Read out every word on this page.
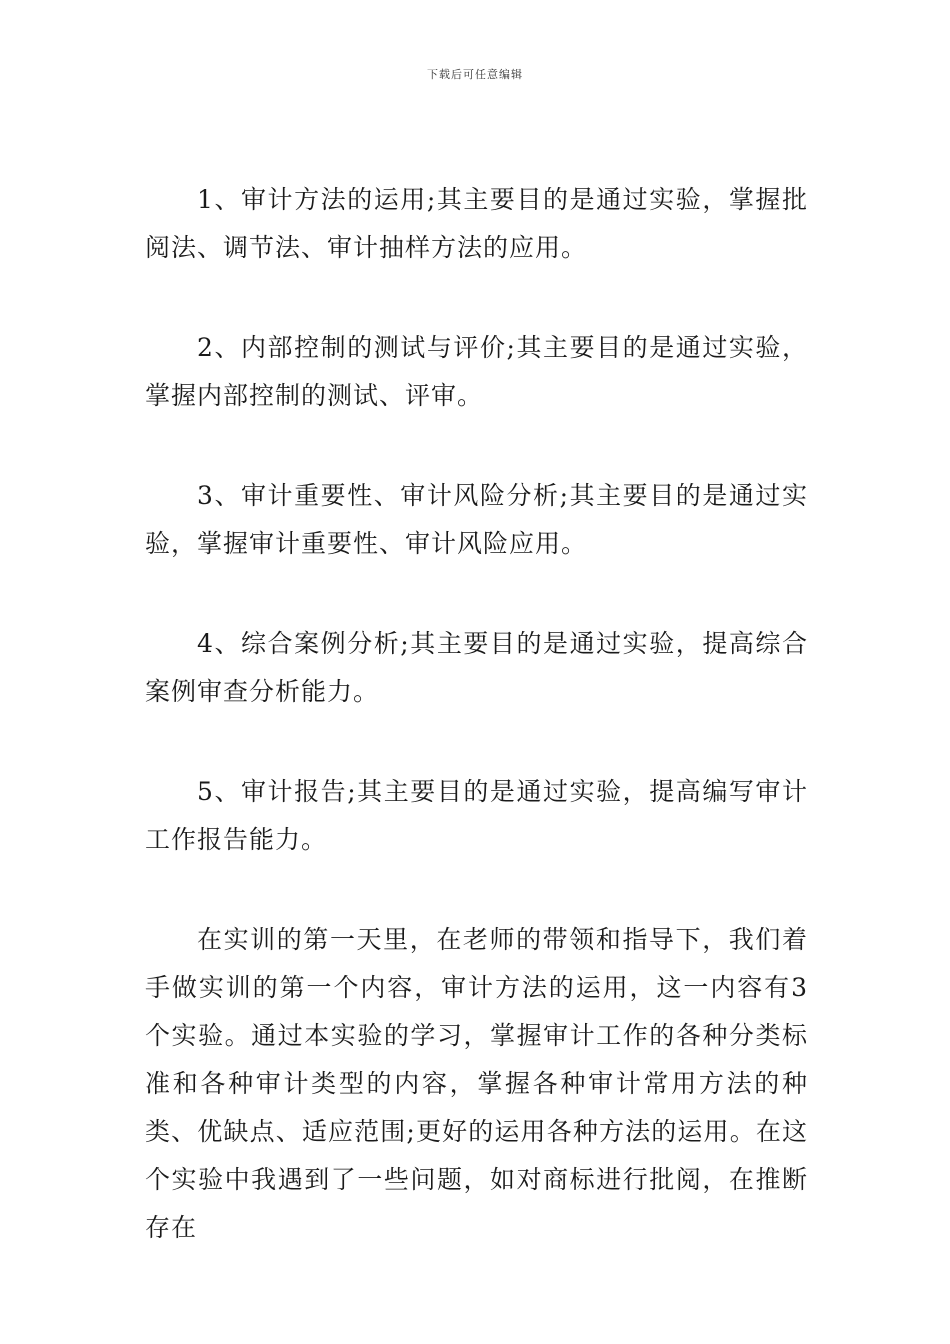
下载后可任意编辑

1、审计方法的运用;其主要目的是通过实验，掌握批阅法、调节法、审计抽样方法的应用。

2、内部控制的测试与评价;其主要目的是通过实验，掌握内部控制的测试、评审。

3、审计重要性、审计风险分析;其主要目的是通过实验，掌握审计重要性、审计风险应用。

4、综合案例分析;其主要目的是通过实验，提高综合案例审查分析能力。

5、审计报告;其主要目的是通过实验，提高编写审计工作报告能力。

在实训的第一天里，在老师的带领和指导下，我们着手做实训的第一个内容，审计方法的运用，这一内容有3个实验。通过本实验的学习，掌握审计工作的各种分类标准和各种审计类型的内容，掌握各种审计常用方法的种类、优缺点、适应范围;更好的运用各种方法的运用。在这个实验中我遇到了一些问题，如对商标进行批阅，在推断存在
